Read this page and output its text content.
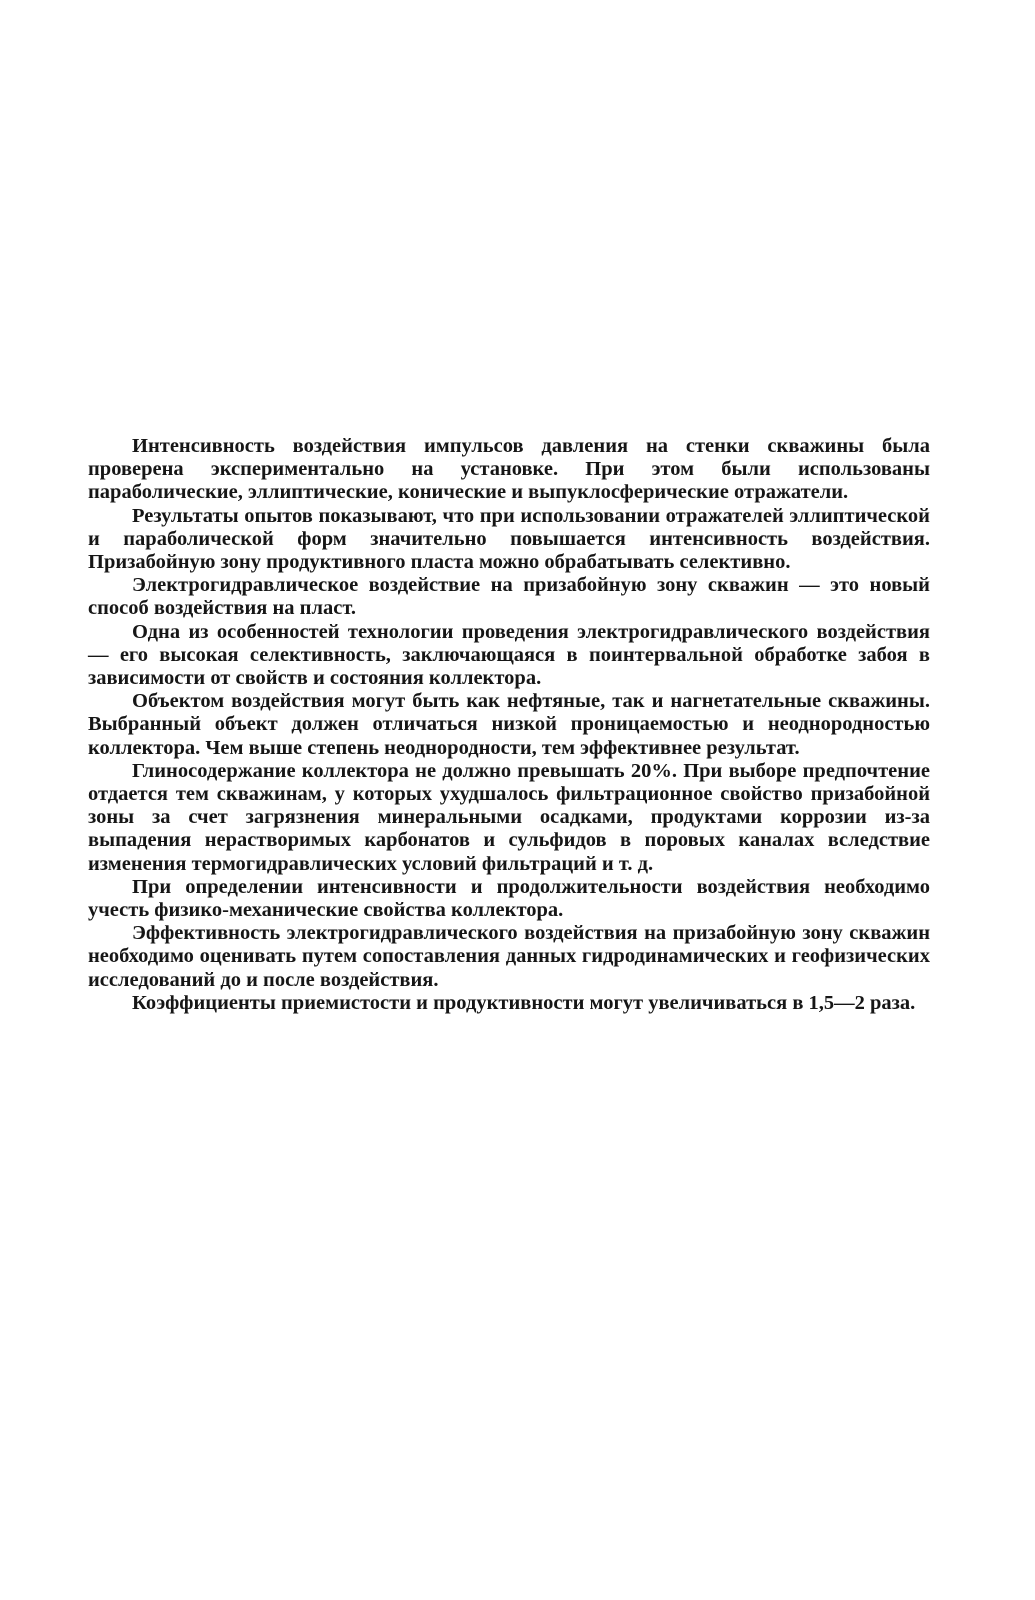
Интенсивность воздействия импульсов давления на стенки скважины была проверена экспериментально на установке. При этом были использованы параболические, эллиптические, конические и выпуклосферические отражатели.

Результаты опытов показывают, что при использовании отражателей эллиптической и параболической форм значительно повышается интенсивность воздействия. Призабойную зону продуктивного пласта можно обрабатывать селективно.

Электрогидравлическое воздействие на призабойную зону скважин — это новый способ воздействия на пласт.

Одна из особенностей технологии проведения электрогидравлического воздействия — его высокая селективность, заключающаяся в поинтервальной обработке забоя в зависимости от свойств и состояния коллектора.

Объектом воздействия могут быть как нефтяные, так и нагнетательные скважины. Выбранный объект должен отличаться низкой проницаемостью и неоднородностью коллектора. Чем выше степень неоднородности, тем эффективнее результат.

Глиносодержание коллектора не должно превышать 20%. При выборе предпочтение отдается тем скважинам, у которых ухудшалось фильтрационное свойство призабойной зоны за счет загрязнения минеральными осадками, продуктами коррозии из-за выпадения нерастворимых карбонатов и сульфидов в поровых каналах вследствие изменения термогидравлических условий фильтраций и т. д.

При определении интенсивности и продолжительности воздействия необходимо учесть физико-механические свойства коллектора.

Эффективность электрогидравлического воздействия на призабойную зону скважин необходимо оценивать путем сопоставления данных гидродинамических и геофизических исследований до и после воздействия.

Коэффициенты приемистости и продуктивности могут увеличиваться в 1,5—2 раза.
